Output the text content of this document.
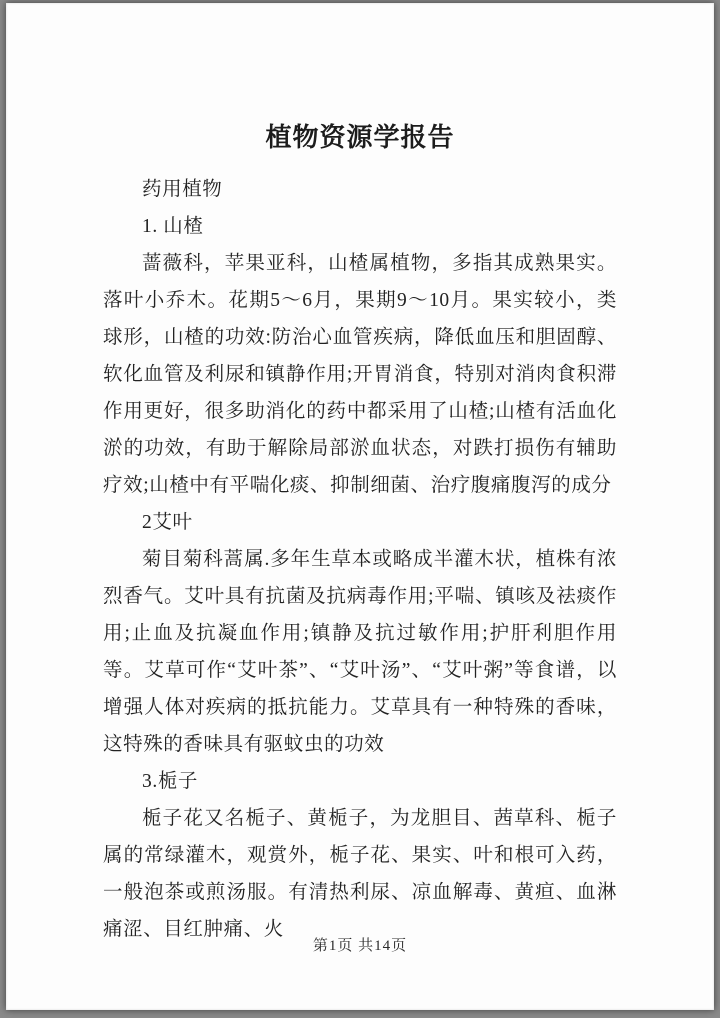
植物资源学报告

药用植物

1. 山楂

蔷薇科，苹果亚科，山楂属植物，多指其成熟果实。落叶小乔木。花期5～6月，果期9～10月。果实较小，类球形，山楂的功效:防治心血管疾病，降低血压和胆固醇、软化血管及利尿和镇静作用;开胃消食，特别对消肉食积滞作用更好，很多助消化的药中都采用了山楂;山楂有活血化淤的功效，有助于解除局部淤血状态，对跌打损伤有辅助疗效;山楂中有平喘化痰、抑制细菌、治疗腹痛腹泻的成分

2艾叶

菊目菊科蒿属.多年生草本或略成半灌木状，植株有浓烈香气。艾叶具有抗菌及抗病毒作用;平喘、镇咳及祛痰作用;止血及抗凝血作用;镇静及抗过敏作用;护肝利胆作用等。艾草可作“艾叶茶”、“艾叶汤”、“艾叶粥”等食谱，以增强人体对疾病的抵抗能力。艾草具有一种特殊的香味，这特殊的香味具有驱蚊虫的功效

3.栀子

栀子花又名栀子、黄栀子，为龙胆目、茜草科、栀子属的常绿灌木，观赏外，栀子花、果实、叶和根可入药，一般泡茶或煎汤服。有清热利尿、凉血解毒、黄疸、血淋痛涩、目红肿痛、火

第1页 共14页
